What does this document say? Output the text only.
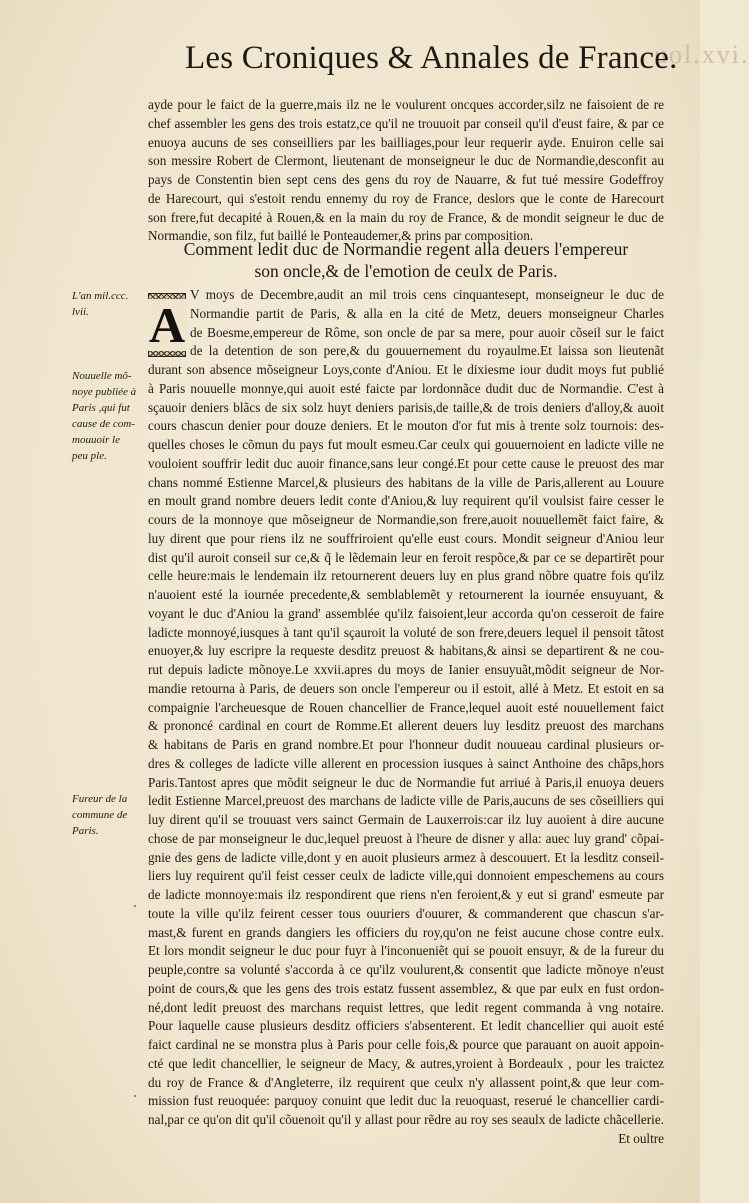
uol.xvi.
Les Croniques & Annales de France.
ayde pour le faict de la guerre,mais ilz ne le voulurent oncques accorder,silz ne faisoient de re
chef assembler les gens des trois estatz,ce qu'il ne trouuoit par conseil qu'il d'eust faire, & par ce
enuoya aucuns de ses conseilliers par les bailliages,pour leur requerir ayde. Enuiron celle sai
son messire Robert de Clermont, lieutenant de monseigneur le duc de Normandie,desconfit au
pays de Constentin bien sept cens des gens du roy de Nauarre, & fut tué messire Godeffroy
de Harecourt, qui s'estoit rendu ennemy du roy de France, deslors que le conte de Harecourt
son frere,fut decapité à Rouen,& en la main du roy de France, & de mondit seigneur le duc de
Normandie, son filz, fut baillé le Ponteaudemer,& prins par composition.
Comment ledit duc de Normandie regent alla deuers l'empereur
son oncle,& de l'emotion de ceulx de Paris.
A
V moys de Decembre,audit an mil trois cens cinquantesept, monseigneur le duc de
Normandie partit de Paris, & alla en la cité de Metz, deuers monseigneur Charles
de Boesme,empereur de Rôme, son oncle de par sa mere, pour auoir cõseil sur le faict
de la detention de son pere,& du gouuernement du royaulme.Et laissa son lieutenãt
durant son absence mõseigneur Loys,conte d'Aniou. Et le dixiesme iour dudit moys fut publié
à Paris nouuelle monnye,qui auoit esté faicte par lordonnãce dudit duc de Normandie. C'est à
sçauoir deniers blãcs de six solz huyt deniers parisis,de taille,& de trois deniers d'alloy,& auoit
cours chascun denier pour douze deniers. Et le mouton d'or fut mis à trente solz tournois: des-
quelles choses le cõmun du pays fut moult esmeu.Car ceulx qui gouuernoient en ladicte ville ne
vouloient souffrir ledit duc auoir finance,sans leur congé.Et pour cette cause le preuost des mar
chans nommé Estienne Marcel,& plusieurs des habitans de la ville de Paris,allerent au Louure
en moult grand nombre deuers ledit conte d'Aniou,& luy requirent qu'il voulsist faire cesser le
cours de la monnoye que mõseigneur de Normandie,son frere,auoit nouuellemẽt faict faire, &
luy dirent que pour riens ilz ne souffriroient qu'elle eust cours. Mondit seigneur d'Aniou leur
dist qu'il auroit conseil sur ce,& q̃ le lẽdemain leur en feroit respõce,& par ce se departirẽt pour
celle heure:mais le lendemain ilz retournerent deuers luy en plus grand nõbre quatre fois qu'ilz
n'auoient esté la iournée precedente,& semblablemẽt y retournerent la iournée ensuyuant, &
voyant le duc d'Aniou la grand' assemblée qu'ilz faisoient,leur accorda qu'on cesseroit de faire
ladicte monnoyé,iusques à tant qu'il sçauroit la voluté de son frere,deuers lequel il pensoit tãtost
enuoyer,& luy escripre la requeste desditz preuost & habitans,& ainsi se departirent & ne cou-
rut depuis ladicte mõnoye.Le xxvii.apres du moys de Ianier ensuyuãt,mõdit seigneur de Nor-
mandie retourna à Paris, de deuers son oncle l'empereur ou il estoit, allé à Metz. Et estoit en sa
compaignie l'archeuesque de Rouen chancellier de France,lequel auoit esté nouuellement faict
& prononcé cardinal en court de Romme.Et allerent deuers luy lesditz preuost des marchans
& habitans de Paris en grand nombre.Et pour l'honneur dudit nouueau cardinal plusieurs or-
dres & colleges de ladicte ville allerent en procession iusques à sainct Anthoine des chãps,hors
Paris.Tantost apres que mõdit seigneur le duc de Normandie fut arriué à Paris,il enuoya deuers
ledit Estienne Marcel,preuost des marchans de ladicte ville de Paris,aucuns de ses cõseilliers qui
luy dirent qu'il se trouuast vers sainct Germain de Lauxerrois:car ilz luy auoient à dire aucune
chose de par monseigneur le duc,lequel preuost à l'heure de disner y alla: auec luy grand' cõpai-
gnie des gens de ladicte ville,dont y en auoit plusieurs armez à descouuert. Et la lesditz conseil-
liers luy requirent qu'il feist cesser ceulx de ladicte ville,qui donnoient empeschemens au cours
de ladicte monnoye:mais ilz respondirent que riens n'en feroient,& y eut si grand' esmeute par
toute la ville qu'ilz feirent cesser tous ouuriers d'ouurer, & commanderent que chascun s'ar-
mast,& furent en grands dangiers les officiers du roy,qu'on ne feist aucune chose contre eulx.
Et lors mondit seigneur le duc pour fuyr à l'inconueniẽt qui se pouoit ensuyr, & de la fureur du
peuple,contre sa volunté s'accorda à ce qu'ilz voulurent,& consentit que ladicte mõnoye n'eust
point de cours,& que les gens des trois estatz fussent assemblez, & que par eulx en fust ordon-
né,dont ledit preuost des marchans requist lettres, que ledit regent commanda à vng notaire.
Pour laquelle cause plusieurs desditz officiers s'absenterent. Et ledit chancellier qui auoit esté
faict cardinal ne se monstra plus à Paris pour celle fois,& pource que parauant on auoit appoin-
cté que ledit chancellier, le seigneur de Macy, & autres,yroient à Bordeaulx , pour les traictez
du roy de France & d'Angleterre, ilz requirent que ceulx n'y allassent point,& que leur com-
mission fust reuoquée: parquoy conuint que ledit duc la reuoquast, reserué le chancellier cardi-
nal,par ce qu'on dit qu'il cõuenoit qu'il y allast pour rẽdre au roy ses seaulx de ladicte chãcellerie.
Et oultre
L'an mil.ccc. lvii.
Nouuelle mõ-noye publiée à Paris ,qui fut cause de com-mouuoir le peu ple.
Fureur de la commune de Paris.
